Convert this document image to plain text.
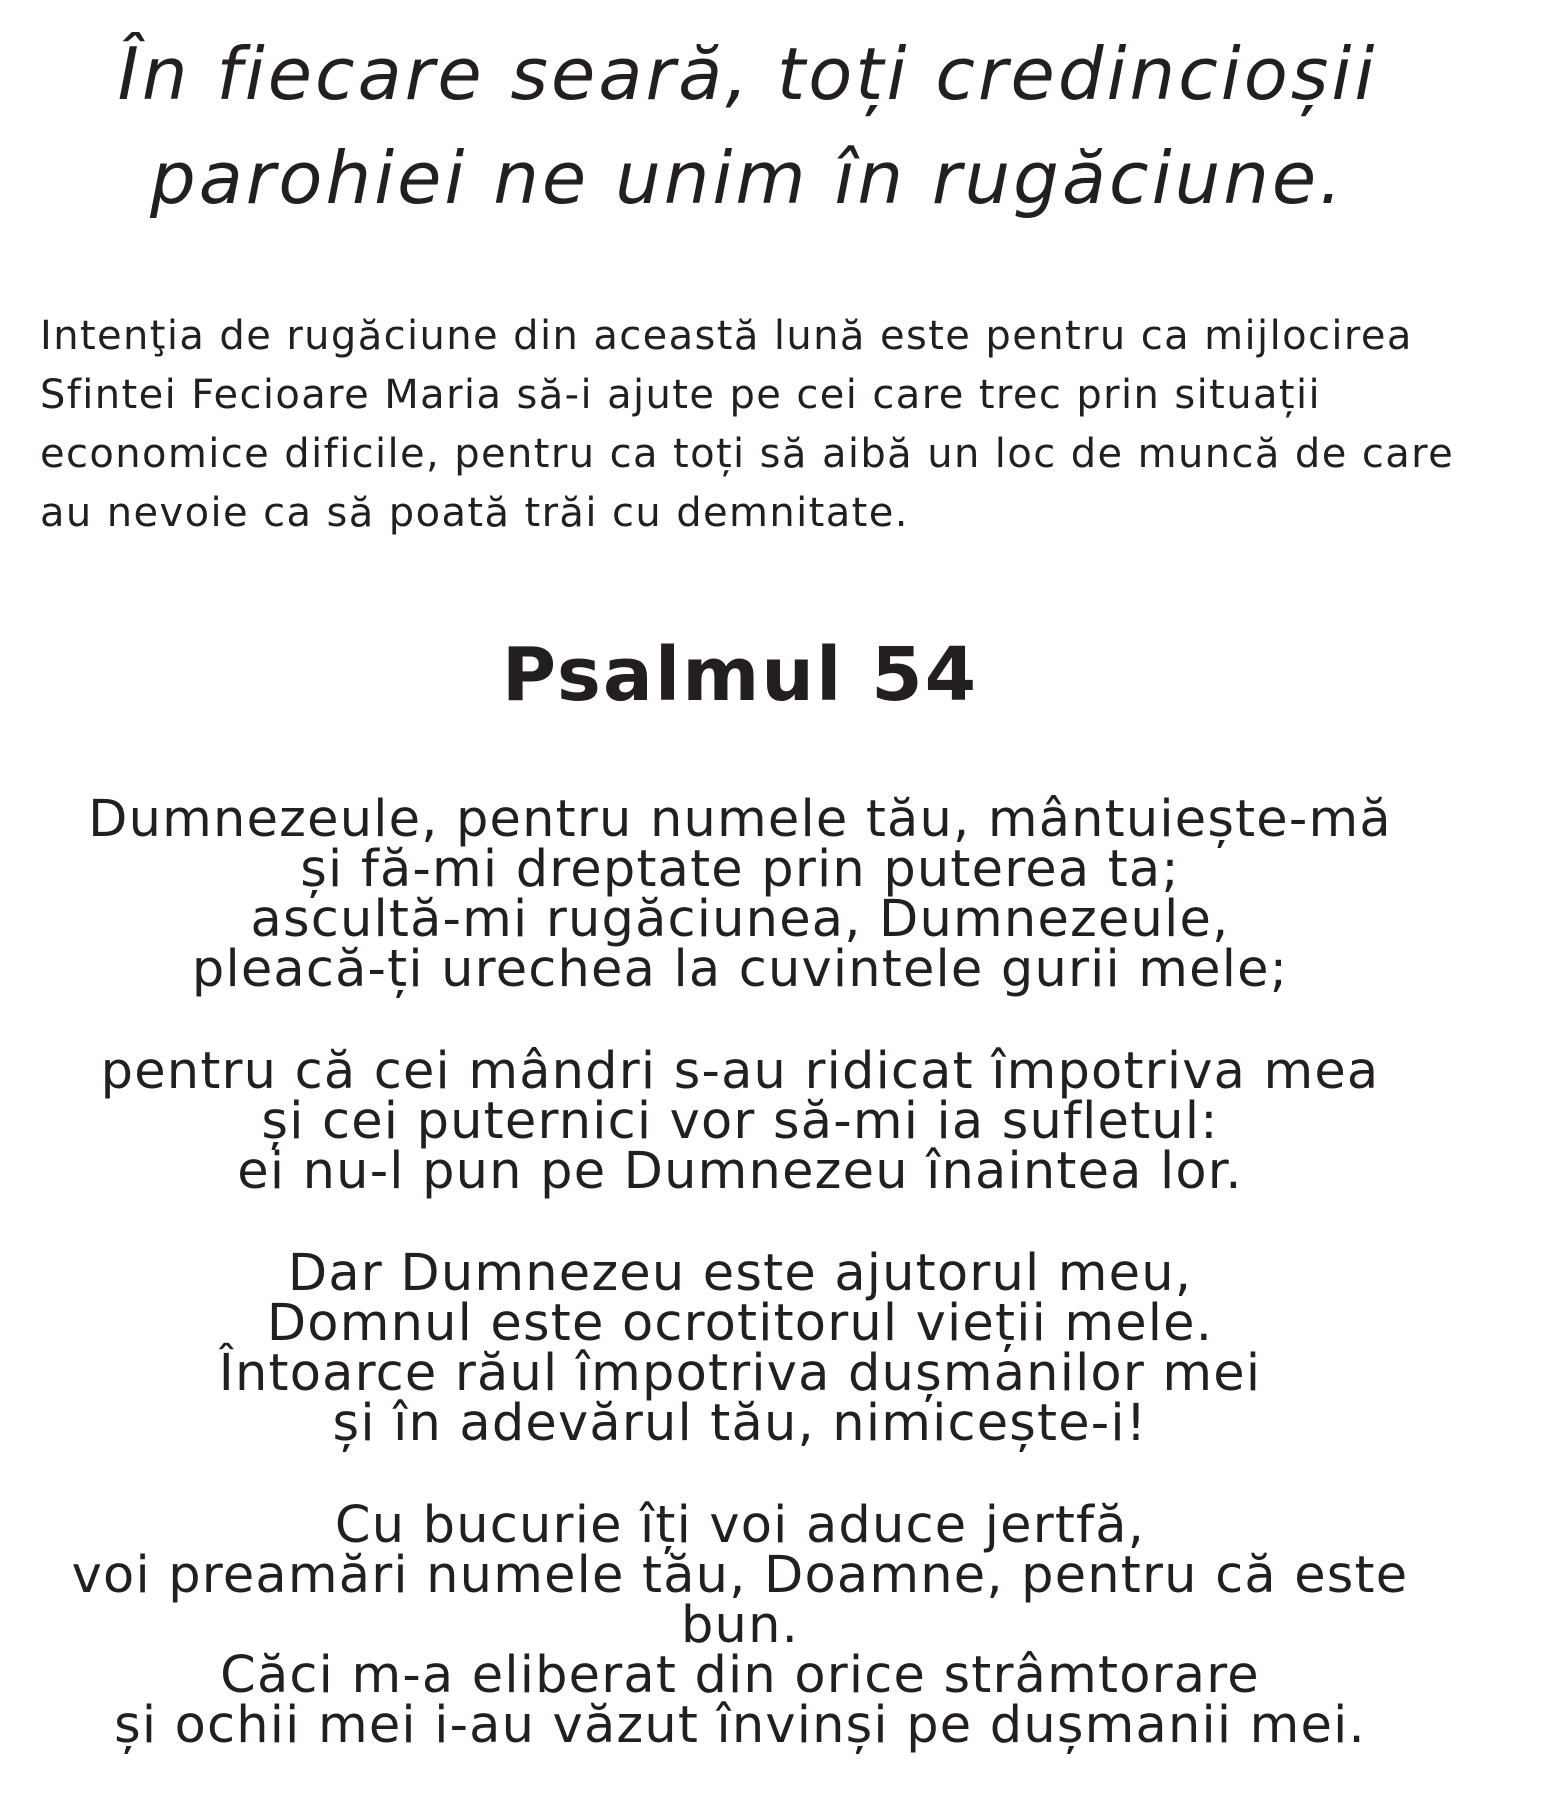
În fiecare seară, toți credincioșii
parohiei ne unim în rugăciune.

Intenţia de rugăciune din această lună este pentru ca mijlocirea
Sfintei Fecioare Maria să-i ajute pe cei care trec prin situații
economice dificile, pentru ca toți să aibă un loc de muncă de care
au nevoie ca să poată trăi cu demnitate.

Psalmul 54

Dumnezeule, pentru numele tău, mântuiește-mă
și fă-mi dreptate prin puterea ta;
ascultă-mi rugăciunea, Dumnezeule,
pleacă-ți urechea la cuvintele gurii mele;

pentru că cei mândri s-au ridicat împotriva mea
și cei puternici vor să-mi ia sufletul:
ei nu-l pun pe Dumnezeu înaintea lor.

Dar Dumnezeu este ajutorul meu,
Domnul este ocrotitorul vieții mele.
Întoarce răul împotriva dușmanilor mei
și în adevărul tău, nimicește-i!

Cu bucurie îți voi aduce jertfă,
voi preamări numele tău, Doamne, pentru că este
bun.
Căci m-a eliberat din orice strâmtorare
și ochii mei i-au văzut învinși pe dușmanii mei.
